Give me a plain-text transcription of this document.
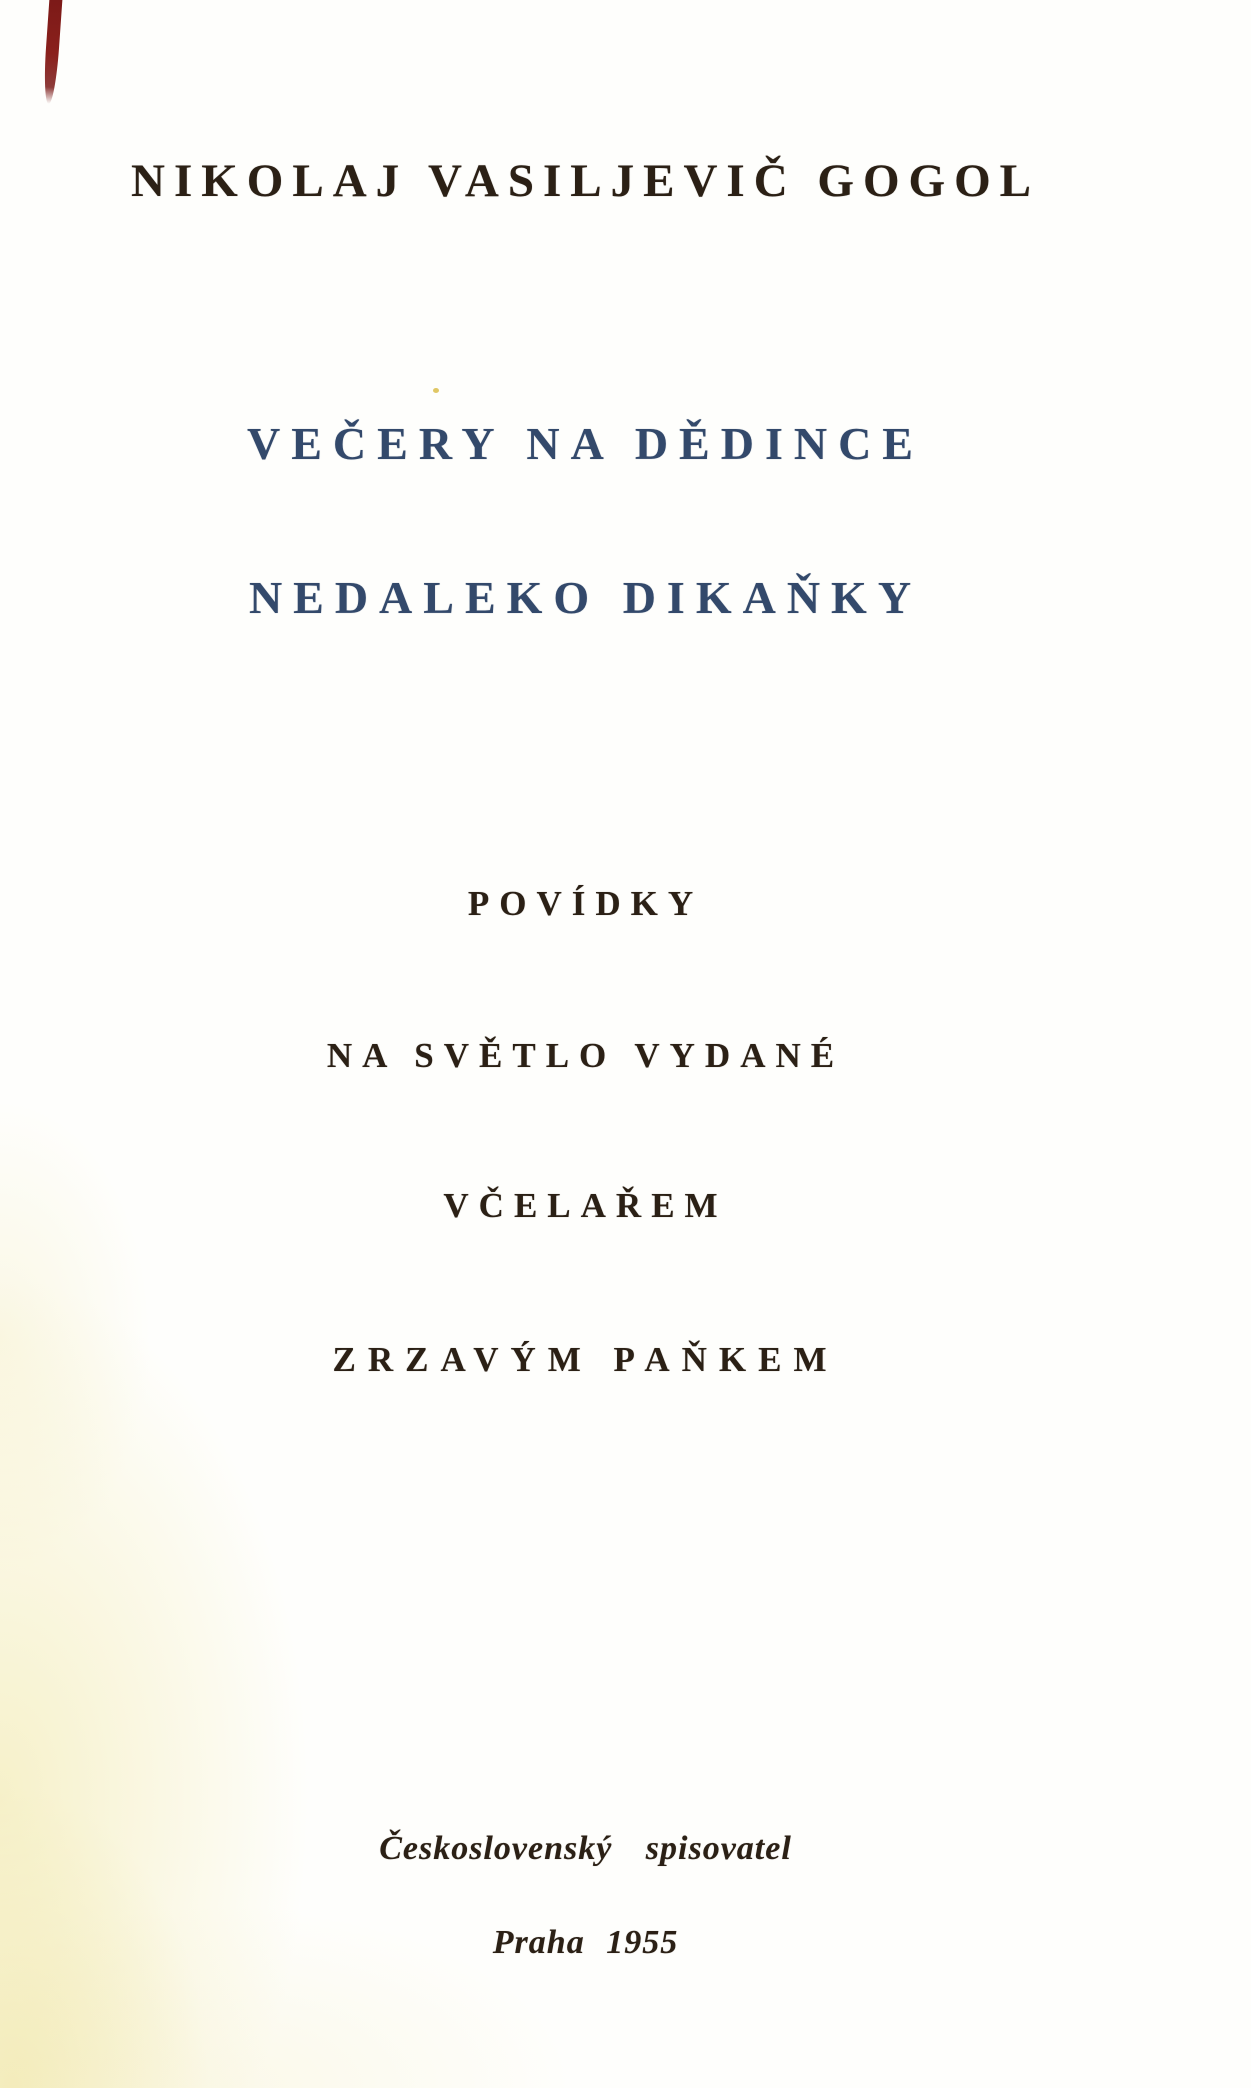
NIKOLAJ VASILJEVIČ GOGOL
VEČERY NA DĚDINCE
NEDALEKO DIKAŇKY
POVÍDKY
NA SVĚTLO VYDANÉ
VČELAŘEM
ZRZAVÝM PAŇKEM
Československý spisovatel
Praha 1955
